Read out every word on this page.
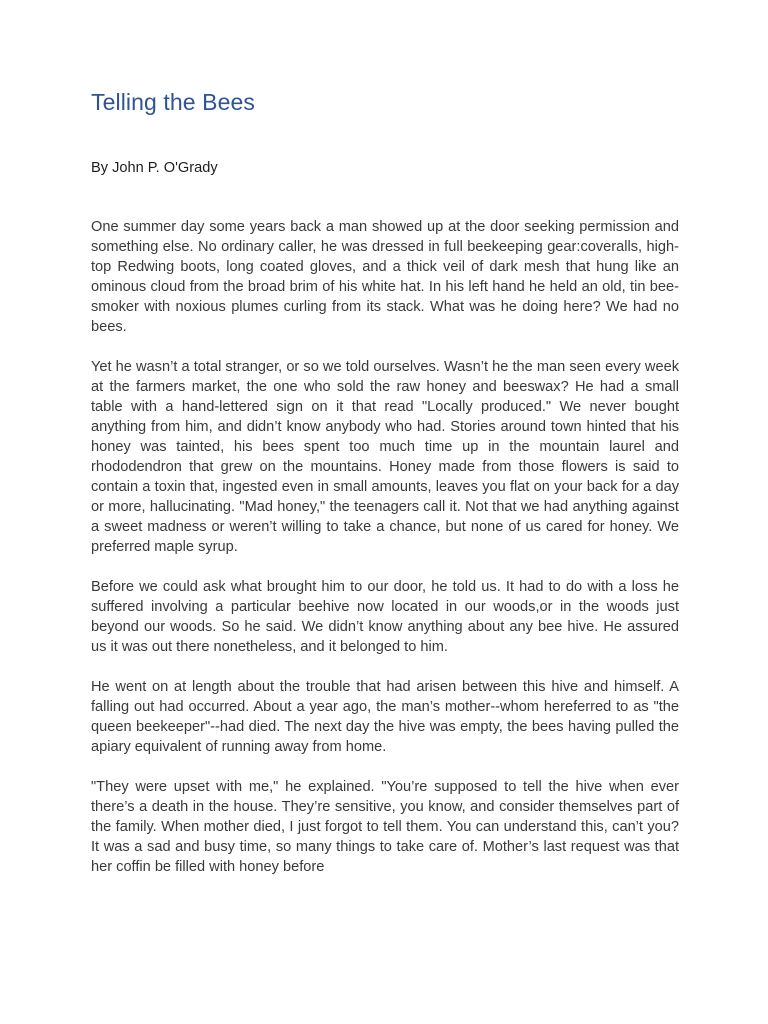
Telling the Bees

By John P. O'Grady

One summer day some years back a man showed up at the door seeking permission and something else. No ordinary caller, he was dressed in full beekeeping gear:coveralls, high-top Redwing boots, long coated gloves, and a thick veil of dark mesh that hung like an ominous cloud from the broad brim of his white hat. In his left hand he held an old, tin bee-smoker with noxious plumes curling from its stack. What was he doing here? We had no bees.

Yet he wasn’t a total stranger, or so we told ourselves. Wasn’t he the man seen every week at the farmers market, the one who sold the raw honey and beeswax? He had a small table with a hand-lettered sign on it that read "Locally produced." We never bought anything from him, and didn’t know anybody who had. Stories around town hinted that his honey was tainted, his bees spent too much time up in the mountain laurel and rhododendron that grew on the mountains. Honey made from those flowers is said to contain a toxin that, ingested even in small amounts, leaves you flat on your back for a day or more, hallucinating. "Mad honey," the teenagers call it. Not that we had anything against a sweet madness or weren’t willing to take a chance, but none of us cared for honey. We preferred maple syrup.

Before we could ask what brought him to our door, he told us. It had to do with a loss he suffered involving a particular beehive now located in our woods,or in the woods just beyond our woods. So he said. We didn’t know anything about any bee hive. He assured us it was out there nonetheless, and it belonged to him.

He went on at length about the trouble that had arisen between this hive and himself. A falling out had occurred. About a year ago, the man’s mother--whom hereferred to as "the queen beekeeper"--had died. The next day the hive was empty, the bees having pulled the apiary equivalent of running away from home.

"They were upset with me," he explained. "You’re supposed to tell the hive when ever there’s a death in the house. They’re sensitive, you know, and consider themselves part of the family. When mother died, I just forgot to tell them. You can understand this, can’t you? It was a sad and busy time, so many things to take care of. Mother’s last request was that her coffin be filled with honey before
